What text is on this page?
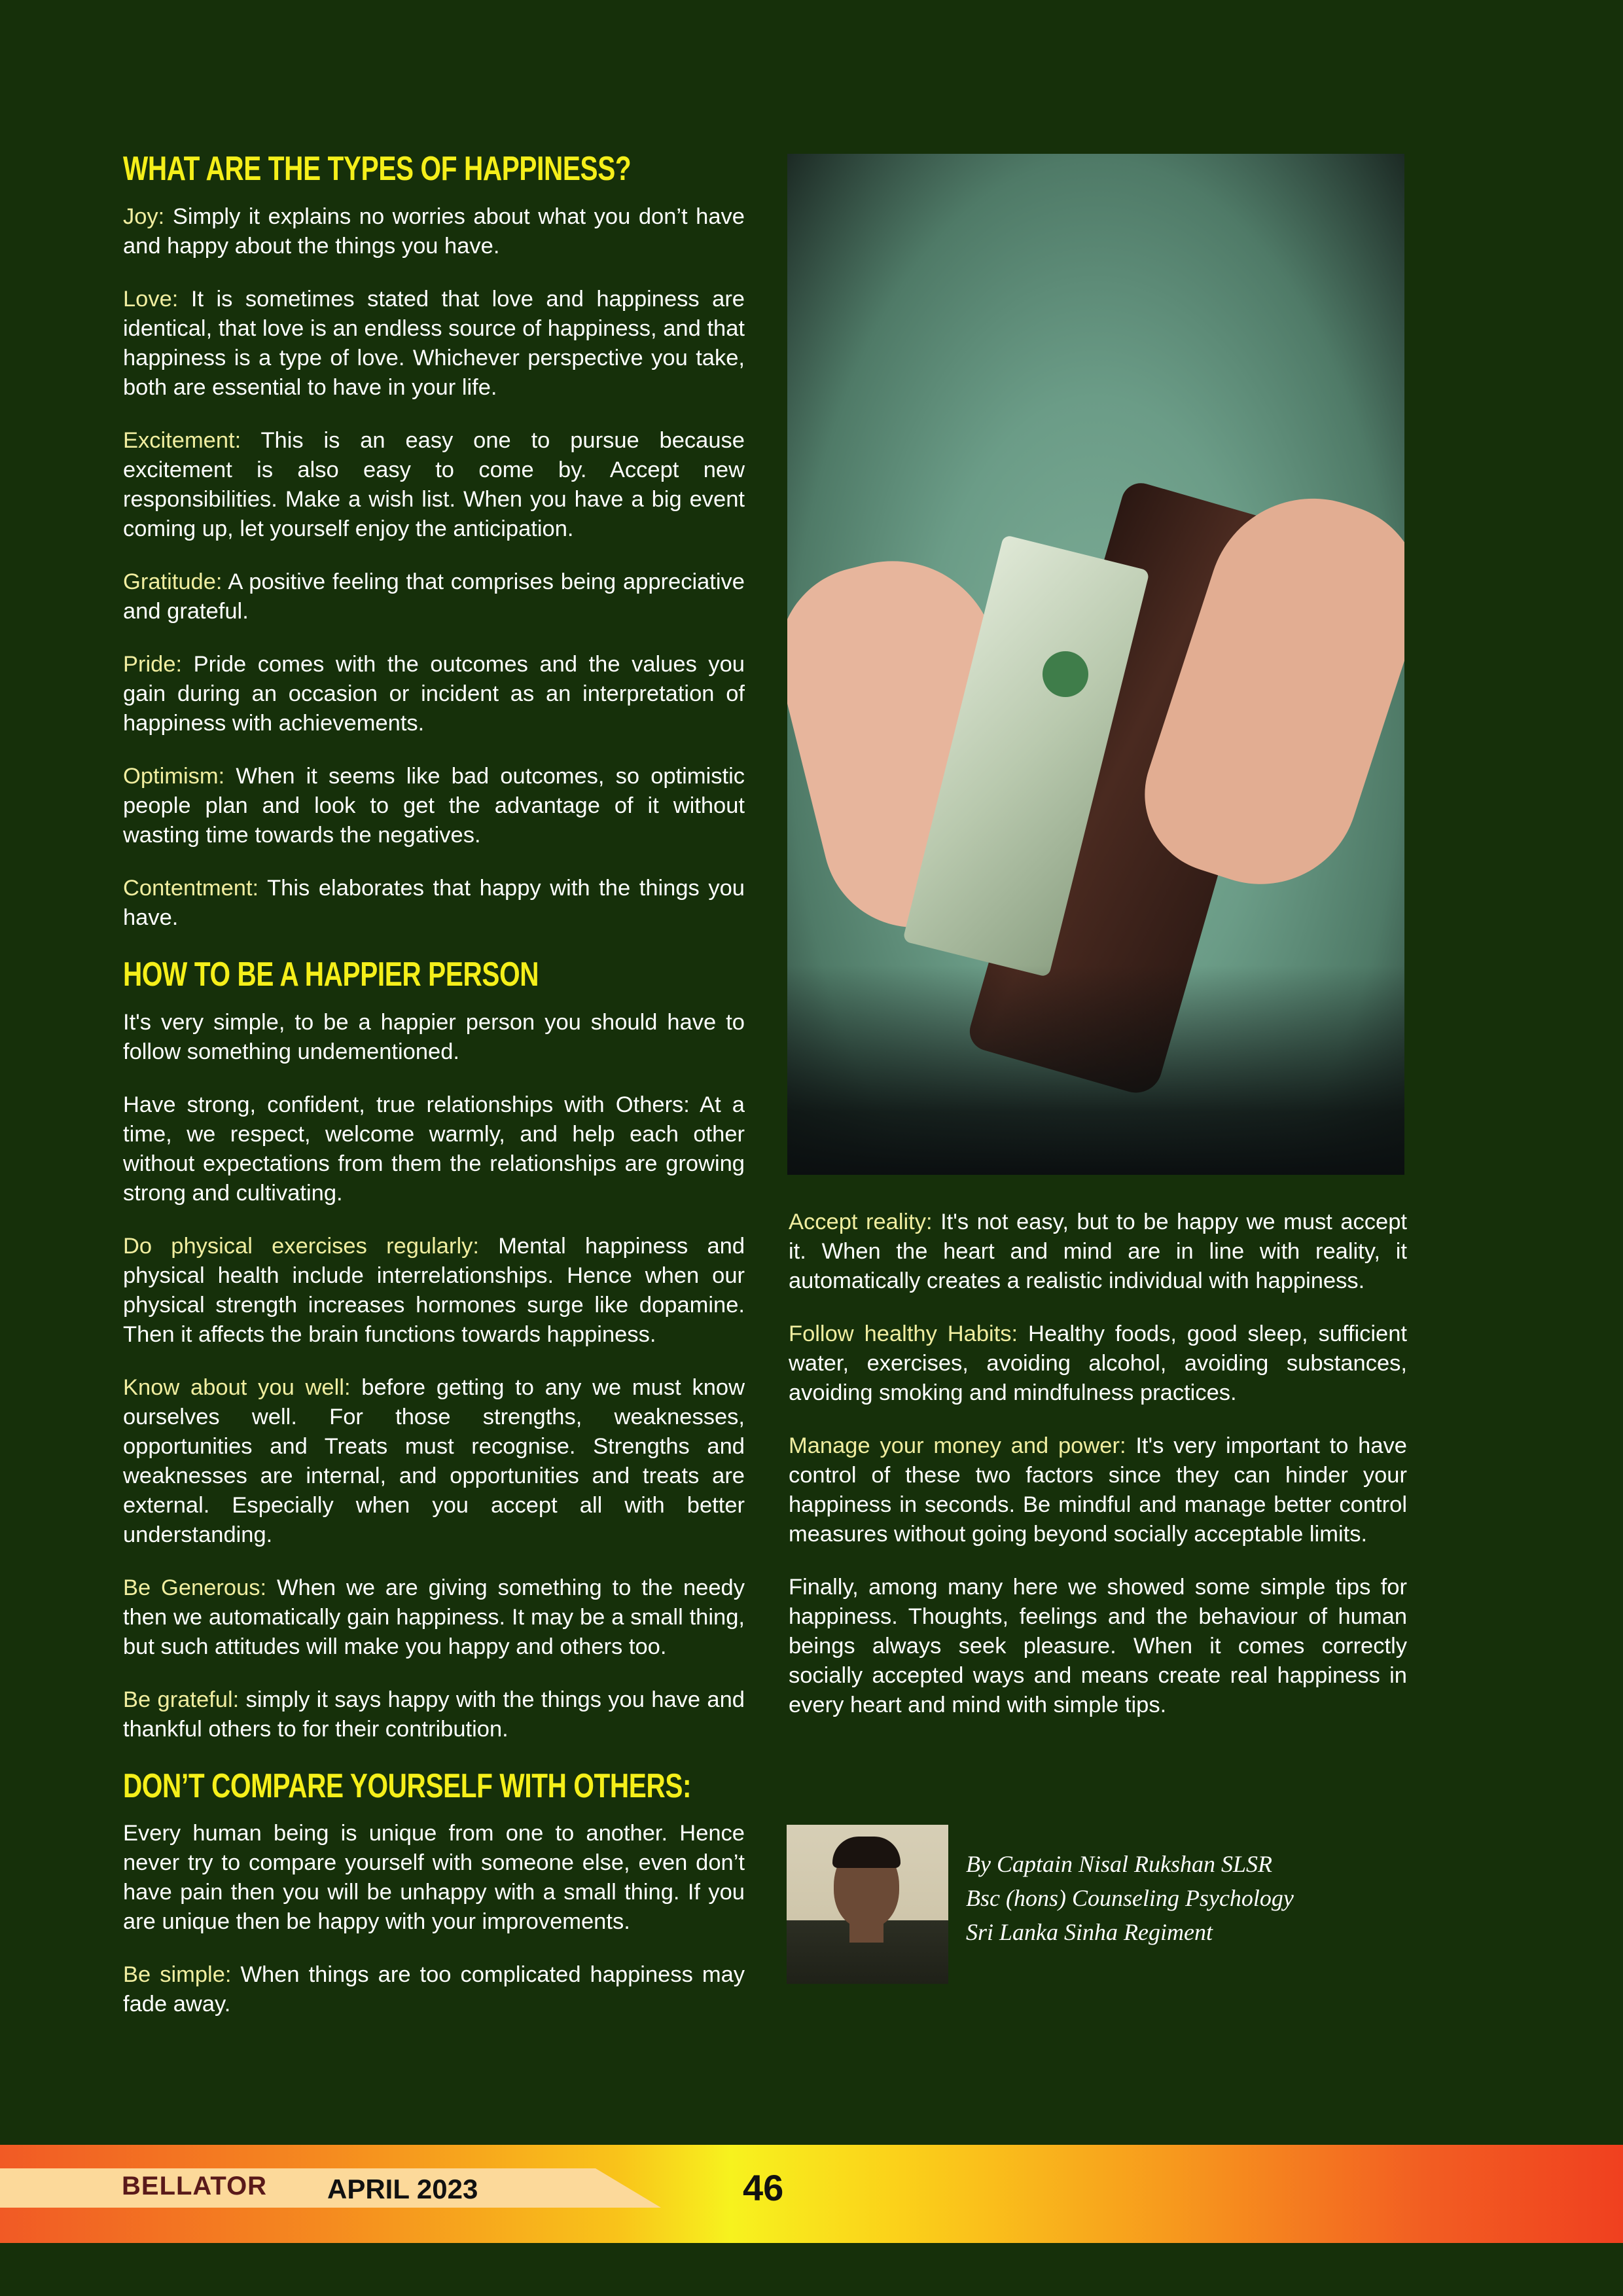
WHAT ARE THE TYPES OF HAPPINESS?

Joy: Simply it explains no worries about what you don’t have and happy about the things you have.

Love: It is sometimes stated that love and happiness are identical, that love is an endless source of happiness, and that happiness is a type of love. Whichever perspective you take, both are essential to have in your life.

Excitement: This is an easy one to pursue because excitement is also easy to come by. Accept new responsibilities. Make a wish list. When you have a big event coming up, let yourself enjoy the anticipation.

Gratitude: A positive feeling that comprises being appreciative and grateful.

Pride: Pride comes with the outcomes and the values you gain during an occasion or incident as an interpretation of happiness with achievements.

Optimism: When it seems like bad outcomes, so optimistic people plan and look to get the advantage of it without wasting time towards the negatives.

Contentment: This elaborates that happy with the things you have.

HOW TO BE A HAPPIER PERSON

It's very simple, to be a happier person you should have to follow something undementioned.

Have strong, confident, true relationships with Others: At a time, we respect, welcome warmly, and help each other without expectations from them the relationships are growing strong and cultivating.

Do physical exercises regularly: Mental happiness and physical health include interrelationships. Hence when our physical strength increases hormones surge like dopamine. Then it affects the brain functions towards happiness.

Know about you well: before getting to any we must know ourselves well. For those strengths, weaknesses, opportunities and Treats must recognise. Strengths and weaknesses are internal, and opportunities and treats are external. Especially when you accept all with better understanding.

Be Generous: When we are giving something to the needy then we automatically gain happiness. It may be a small thing, but such attitudes will make you happy and others too.

Be grateful: simply it says happy with the things you have and thankful others to for their contribution.

DON’T COMPARE YOURSELF WITH OTHERS:

Every human being is unique from one to another. Hence never try to compare yourself with someone else, even don’t have pain then you will be unhappy with a small thing. If you are unique then be happy with your improvements.

Be simple: When things are too complicated happiness may fade away.

Accept reality: It's not easy, but to be happy we must accept it. When the heart and mind are in line with reality, it automatically creates a realistic individual with happiness.

Follow healthy Habits: Healthy foods, good sleep, sufficient water, exercises, avoiding alcohol, avoiding substances, avoiding smoking and mindfulness practices.

Manage your money and power: It's very important to have control of these two factors since they can hinder your happiness in seconds. Be mindful and manage better control measures without going beyond socially acceptable limits.

Finally, among many here we showed some simple tips for happiness. Thoughts, feelings and the behaviour of human beings always seek pleasure. When it comes correctly socially accepted ways and means create real happiness in every heart and mind with simple tips.

By Captain Nisal Rukshan SLSR
Bsc (hons) Counseling Psychology
Sri Lanka Sinha Regiment
BELLATOR APRIL 2023	46
